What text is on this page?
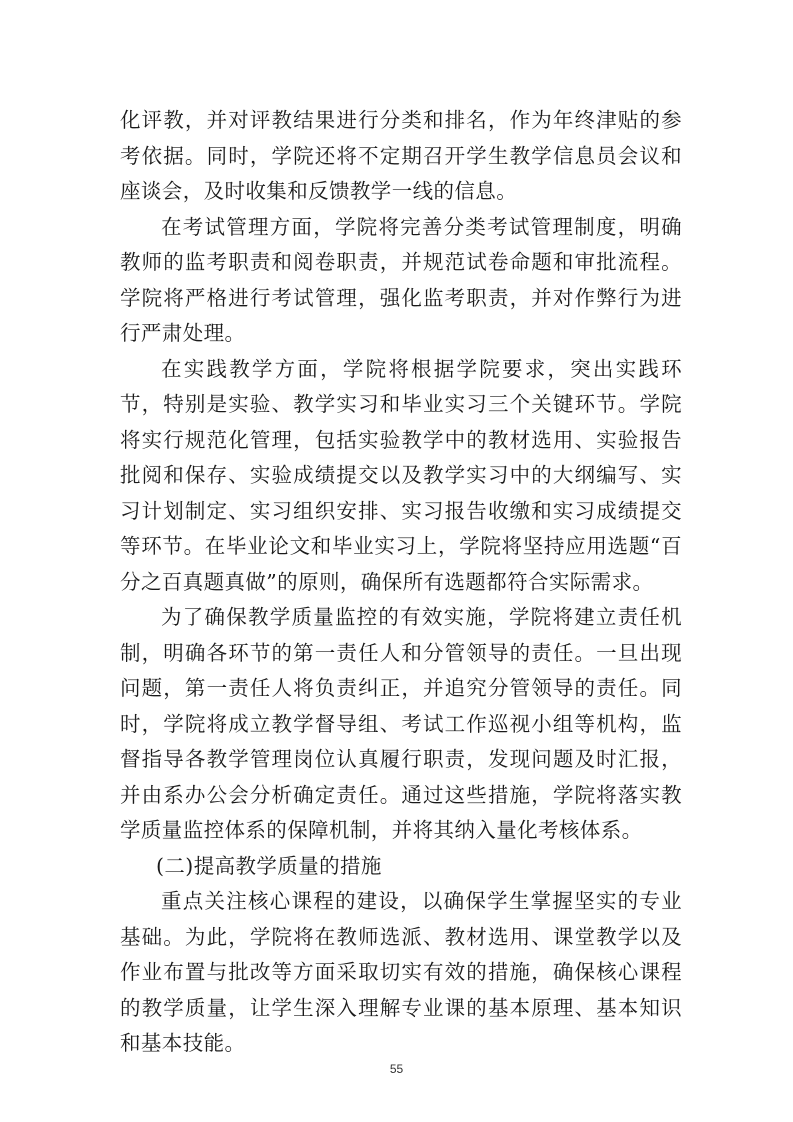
化评教，并对评教结果进行分类和排名，作为年终津贴的参考依据。同时，学院还将不定期召开学生教学信息员会议和座谈会，及时收集和反馈教学一线的信息。

在考试管理方面，学院将完善分类考试管理制度，明确教师的监考职责和阅卷职责，并规范试卷命题和审批流程。学院将严格进行考试管理，强化监考职责，并对作弊行为进行严肃处理。

在实践教学方面，学院将根据学院要求，突出实践环节，特别是实验、教学实习和毕业实习三个关键环节。学院将实行规范化管理，包括实验教学中的教材选用、实验报告批阅和保存、实验成绩提交以及教学实习中的大纲编写、实习计划制定、实习组织安排、实习报告收缴和实习成绩提交等环节。在毕业论文和毕业实习上，学院将坚持应用选题“百分之百真题真做”的原则，确保所有选题都符合实际需求。

为了确保教学质量监控的有效实施，学院将建立责任机制，明确各环节的第一责任人和分管领导的责任。一旦出现问题，第一责任人将负责纠正，并追究分管领导的责任。同时，学院将成立教学督导组、考试工作巡视小组等机构，监督指导各教学管理岗位认真履行职责，发现问题及时汇报，并由系办公会分析确定责任。通过这些措施，学院将落实教学质量监控体系的保障机制，并将其纳入量化考核体系。

(二)提高教学质量的措施

重点关注核心课程的建设，以确保学生掌握坚实的专业基础。为此，学院将在教师选派、教材选用、课堂教学以及作业布置与批改等方面采取切实有效的措施，确保核心课程的教学质量，让学生深入理解专业课的基本原理、基本知识和基本技能。

55
